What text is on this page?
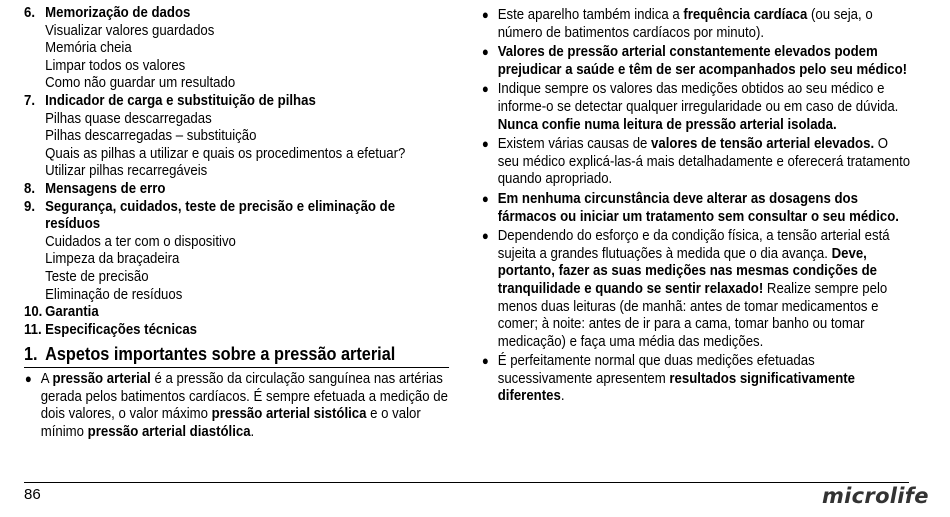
6. Memorização de dados
Visualizar valores guardados
Memória cheia
Limpar todos os valores
Como não guardar um resultado
7. Indicador de carga e substituição de pilhas
Pilhas quase descarregadas
Pilhas descarregadas – substituição
Quais as pilhas a utilizar e quais os procedimentos a efetuar?
Utilizar pilhas recarregáveis
8. Mensagens de erro
9. Segurança, cuidados, teste de precisão e eliminação de resíduos
Cuidados a ter com o dispositivo
Limpeza da braçadeira
Teste de precisão
Eliminação de resíduos
10. Garantia
11. Especificações técnicas
1. Aspetos importantes sobre a pressão arterial
● A pressão arterial é a pressão da circulação sanguínea nas artérias gerada pelos batimentos cardíacos. É sempre efetuada a medição de dois valores, o valor máximo pressão arterial sistólica e o valor mínimo pressão arterial diastólica.
● Este aparelho também indica a frequência cardíaca (ou seja, o número de batimentos cardíacos por minuto).
● Valores de pressão arterial constantemente elevados podem prejudicar a saúde e têm de ser acompanhados pelo seu médico!
● Indique sempre os valores das medições obtidos ao seu médico e informe-o se detectar qualquer irregularidade ou em caso de dúvida. Nunca confie numa leitura de pressão arterial isolada.
● Existem várias causas de valores de tensão arterial elevados. O seu médico explicá-las-á mais detalhadamente e oferecerá tratamento quando apropriado.
● Em nenhuma circunstância deve alterar as dosagens dos fármacos ou iniciar um tratamento sem consultar o seu médico.
● Dependendo do esforço e da condição física, a tensão arterial está sujeita a grandes flutuações à medida que o dia avança. Deve, portanto, fazer as suas medições nas mesmas condições de tranquilidade e quando se sentir relaxado! Realize sempre pelo menos duas leituras (de manhã: antes de tomar medicamentos e comer; à noite: antes de ir para a cama, tomar banho ou tomar medicação) e faça uma média das medições.
● É perfeitamente normal que duas medições efetuadas sucessivamente apresentem resultados significativamente diferentes.
86	microlife
